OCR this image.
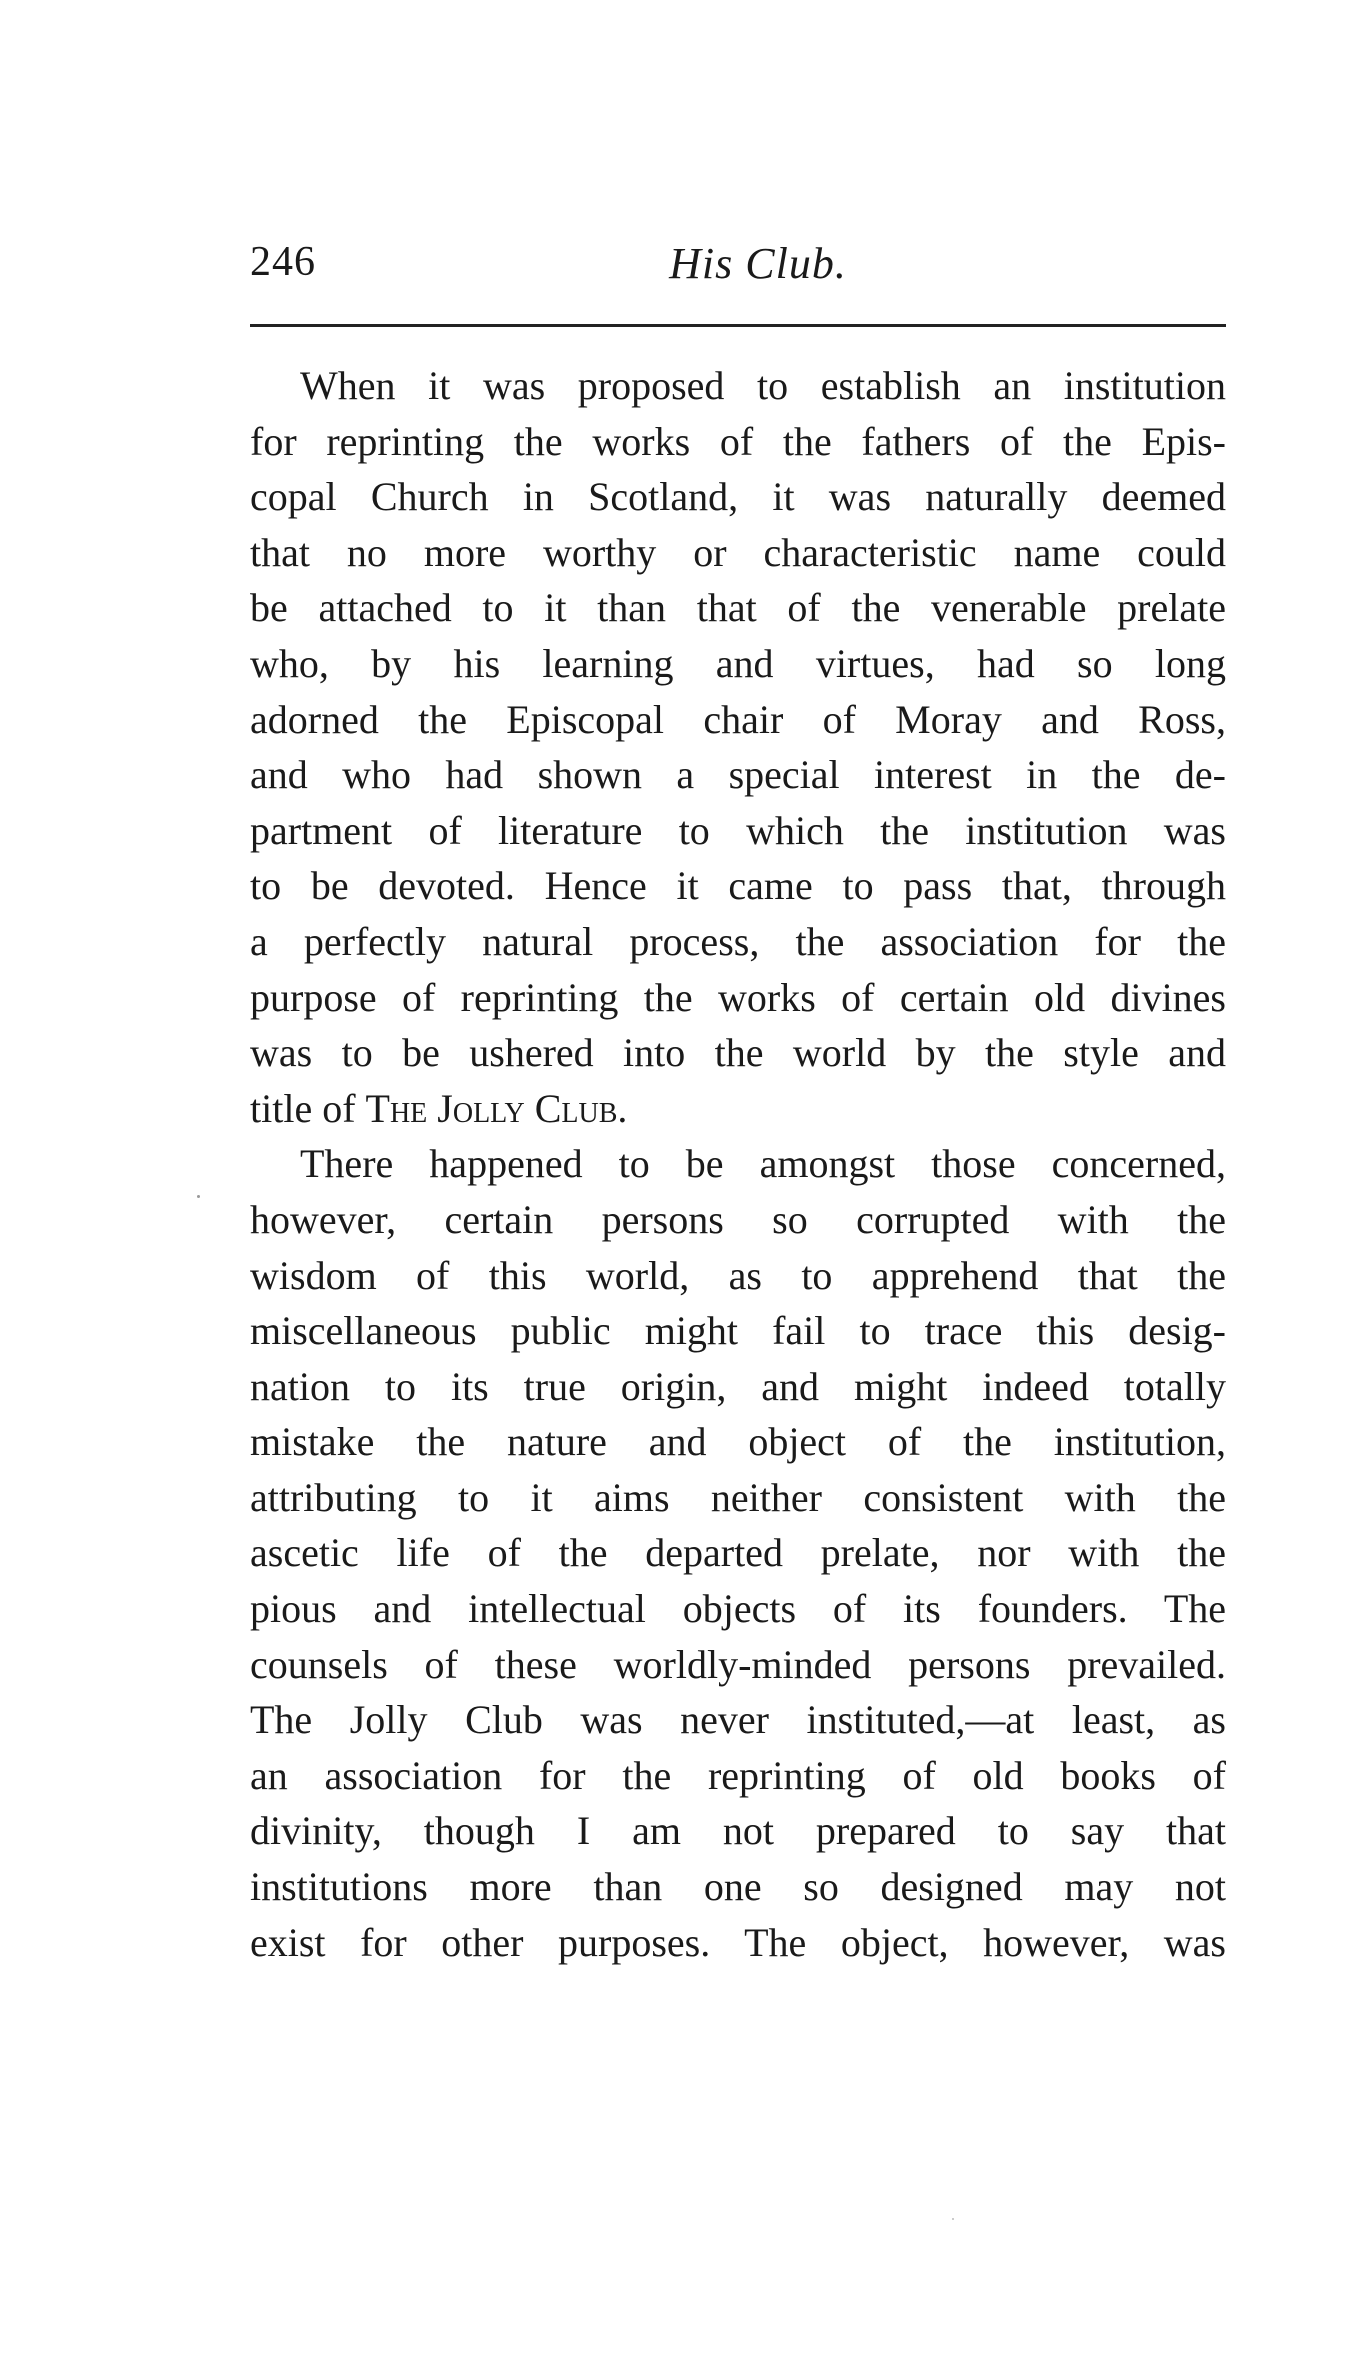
246	His Club.
When it was proposed to establish an institution
for reprinting the works of the fathers of the Epis-
copal Church in Scotland, it was naturally deemed
that no more worthy or characteristic name could
be attached to it than that of the venerable prelate
who, by his learning and virtues, had so long
adorned the Episcopal chair of Moray and Ross,
and who had shown a special interest in the de-
partment of literature to which the institution was
to be devoted. Hence it came to pass that, through
a perfectly natural process, the association for the
purpose of reprinting the works of certain old divines
was to be ushered into the world by the style and
title of The Jolly Club.
There happened to be amongst those concerned,
however, certain persons so corrupted with the
wisdom of this world, as to apprehend that the
miscellaneous public might fail to trace this desig-
nation to its true origin, and might indeed totally
mistake the nature and object of the institution,
attributing to it aims neither consistent with the
ascetic life of the departed prelate, nor with the
pious and intellectual objects of its founders. The
counsels of these worldly-minded persons prevailed.
The Jolly Club was never instituted,—at least, as
an association for the reprinting of old books of
divinity, though I am not prepared to say that
institutions more than one so designed may not
exist for other purposes. The object, however, was
